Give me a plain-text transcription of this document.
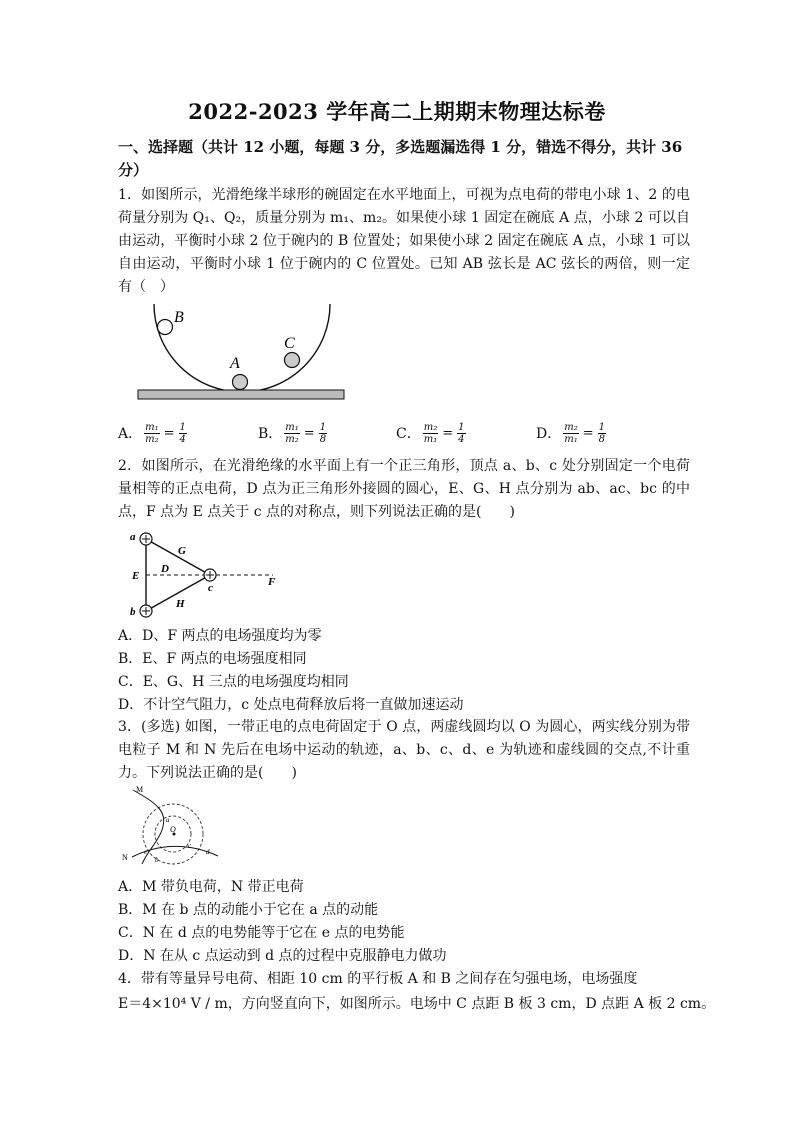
2022-2023 学年高二上期期末物理达标卷
一、选择题（共计 12 小题，每题 3 分，多选题漏选得 1 分，错选不得分，共计 36 分）
1．如图所示，光滑绝缘半球形的碗固定在水平地面上，可视为点电荷的带电小球 1、2 的电荷量分别为 Q₁、Q₂，质量分别为 m₁、m₂。如果使小球 1 固定在碗底 A 点，小球 2 可以自由运动，平衡时小球 2 位于碗内的 B 位置处；如果使小球 2 固定在碗底 A 点，小球 1 可以自由运动，平衡时小球 1 位于碗内的 C 位置处。已知 AB 弦长是 AC 弦长的两倍，则一定有（　）
B
A
C
A． $\frac{\text{m₁}}{\text{m₂}} = \frac{1}{4}$	B． $\frac{\text{m₁}}{\text{m₂}} = \frac{1}{8}$	C． $\frac{\text{m₂}}{\text{m₁}} = \frac{1}{4}$	D． $\frac{\text{m₂}}{\text{m₁}} = \frac{1}{8}$
2．如图所示，在光滑绝缘的水平面上有一个正三角形，顶点 a、b、c 处分别固定一个电荷量相等的正点电荷，D 点为正三角形外接圆的圆心，E、G、H 点分别为 ab、ac、bc 的中点，F 点为 E 点关于 c 点的对称点，则下列说法正确的是(　　)
a
b
c
D
E	F
G
H
A．D、F 两点的电场强度均为零
B．E、F 两点的电场强度相同
C．E、G、H 三点的电场强度均相同
D．不计空气阻力，c 处点电荷释放后将一直做加速运动
3．(多选) 如图，一带正电的点电荷固定于 O 点，两虚线圆均以 O 为圆心，两实线分别为带电粒子 M 和 N 先后在电场中运动的轨迹，a、b、c、d、e 为轨迹和虚线圆的交点,不计重力。下列说法正确的是(　　)
M
N
O
a
b
c
d
e
A．M 带负电荷，N 带正电荷
B．M 在 b 点的动能小于它在 a 点的动能
C．N 在 d 点的电势能等于它在 e 点的电势能
D．N 在从 c 点运动到 d 点的过程中克服静电力做功
4．带有等量异号电荷、相距 10 cm 的平行板 A 和 B 之间存在匀强电场，电场强度
E＝4×10⁴ V / m，方向竖直向下，如图所示。电场中 C 点距 B 板 3 cm，D 点距 A 板 2 cm。
